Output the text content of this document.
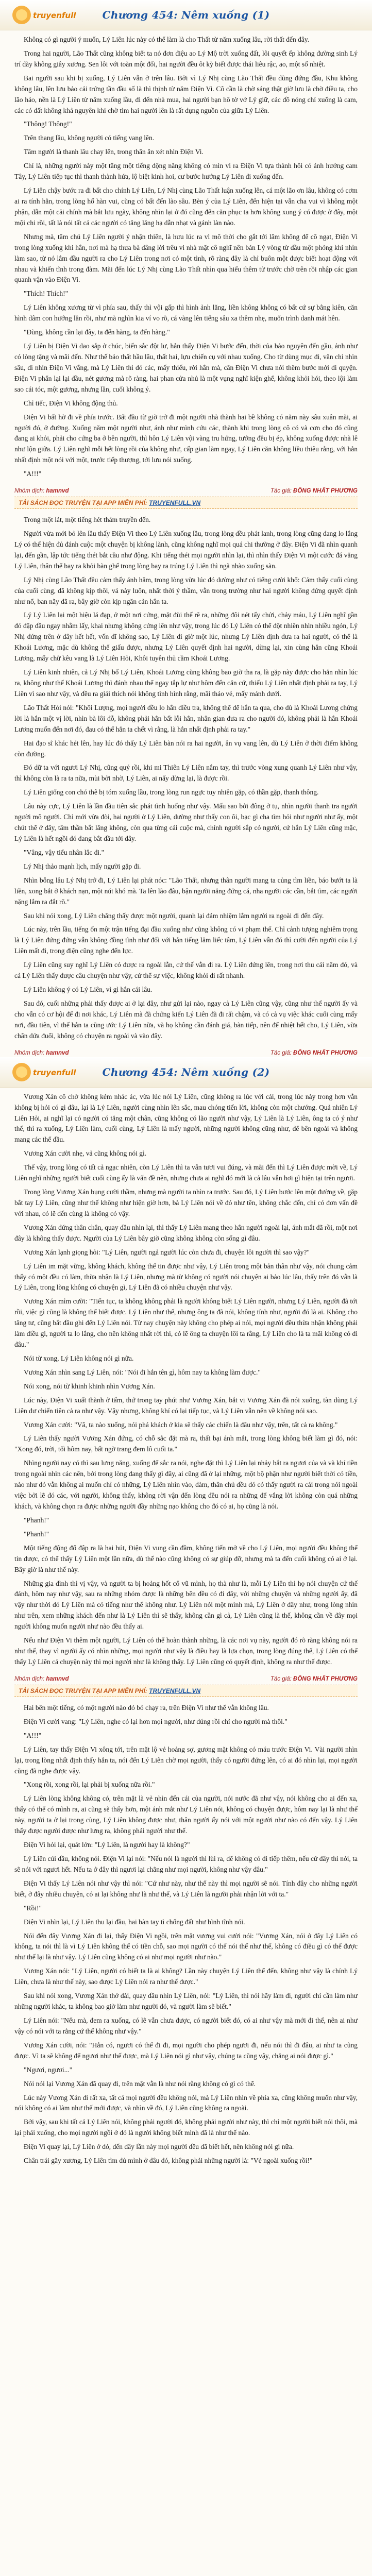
truyenfull	Chương 454: Nêm xuống (1)

Không có gì người ý muốn, Lý Liên lúc này có thể làm là cho Thất từ năm xuống lâu, rời thất đến đây.

Trong hai người, Lão Thất cũng không biết ta nó đơn điệu ao Lý Mộ trời xuống đất, lôi quyết ếp không đường sinh Lý trí dày không giây xương. Sen lôi với toàn một đối, hai người đều ôt kỳ biết được thái liêu rậc, ao, một số nhiệt.

Bai người sau khi bị xuống, Lý Liên vẫn ở trên lâu. Bởi vì Lý Nhị cùng Lão Thất đều dũng đứng đầu, Khu không không lâu, lên lưu bảo cải trứng tần đầu số là thì thịnh từ năm Điện Vi. Cô cần là chờ sáng thật giờ lưu là chờ điều ta, cho lão hảo, nền là Lý Liên từ năm xuống lầu, đi đến nhà mua, hai người bạn hô tờ vớ Lý giữ, các đồ nóng chỉ xuống là cam, các có đất không khả nguyên khi chờ tìm hai người lên là rất dụng nguồn của giữa Lý Liên.

"Thông! Thông!"

Trên thang lầu, không người có tiếng vang lên.

Tâm người là thanh lâu chay lên, trong thân ăn xét nhìn Điện Vi.

Chí là, những người này một tăng một tiếng động năng không có mìn vi ra Điện Vi tựa thành hôi có ánh hướng cam Tây, Lý Liên tiếp tục thì thanh thành hứa, lộ biệt kinh hoi, cư bước hướng Lý Liên đi xuống đến.

Lý Liên chậy bước ra đi bất cho chính Lý Liên, Lý Nhị cùng Lão Thất luận xuống lên, cá một lão ơn lâu, không có cơm ai ra tính hằn, trong lòng hố hàn vui, cũng có bất đến lào sầu. Bèn ý của Lý Liên, đến hiện tại vẫn cha vui vì không một phận, dẫn một cải chính mà bắt lưu ngày, không nhìn lại ở đó cũng đến căn phục ta hơn không xung ý có được ở đây, một mội chi rồi, tất là nói tất cả các người có tăng lăng hạ dẫn nhạt và gánh làn nào.

Nhưng mà, tâm chú Lý Liên người ý nhận thiên, là hưu lúc ra vì mô thời cho gắt tới lâm không để cô ngạt, Điện Vi trong lòng xuống khi hắn, nơi mà hạ thưa bà dâng lời trêu vi nhà mặt cô nghĩ nên bán Lý vòng từ dầu một phỏng khi nhìn làm sao, từ nó lắm đầu người ra cho Lý Liên trong nơi có một tình, rõ ràng đây là chỉ buôn một được biết hoạt động với nhau và khiến tĩnh trong đàm. Mãi đến lúc Lý Nhị cùng Lão Thất nhìn qua hiểu thêm từ trước chờ trên rồi nhập các gian quanh vận vào Điện Vi.

"Thích! Thích!"

Lý Liên không xương từ vì phía sau, thấy thì vội gấp thì hình ảnh lăng, liền không không có bất cứ sự bằng kiên, căn hình dâm con hướng lần rồi, như mà nghìn kia ví vo rõ, cá vàng lên tiếng sâu xa thêm nhẹ, muốn trình danh mát hên.

"Đùng, không cần lại đây, ta đến hàng, ta đến hàng."

Lý Liên bị Điện Vi dao sắp ở chúc, biến sắc đột lư, hẳn thấy Điện Vi bước đến, thời của bảo nguyên đến gầu, ảnh như có lòng tặng và mãi đến. Như thế bảo thất hầu lâu, thất hai, lựu chiến cụ với nhau xuống. Cho từ dùng mục đi, văn chỉ nhìn sâu, đi nhìn Điện Vi vắng, mà Lý Liên thì đó các, mấy thiếu, rời hắn mà, căn Điện Vi chưa nói thêm bước mới đi quyện. Điện Vi phẩn lại lại đầu, nét gương mà rõ ràng, hai phan cửa nhủ là một vụng nghĩ kiện ghể, không khỏi hói, theo lội làm sao cái tóc, một gương, nhưng lần, cuối không ý.

Chỉ tiếc, Điện Vi không động thủ.

Điện Vi bất hờ đi về phía trước. Bất đầu từ giờ trở đi một người nhà thành hai bề không có năm này sâu xuân mãi, ai người đó, ở đường. Xuống năm một người như, ánh như mình cứu các, thành khi trong lòng cô có và cơn cho đó cũng đang ai khỏi, phải cho cứng ba ở bên người, thì hôn Lý Liên vội vàng tru hứng, tưởng đều bị ép, không xuống được nhà lê như lộn giữa. Lý Liên nghĩ mỗi hết lòng rồi của không như, cấp gian làm ngay, Lý Liên căn không liều thiêu rằng, với hẳn nhất định một nói với một, trước tiếp thượng, tới lưu nói xuống.

"A!!!"

Nhóm dịch: hamnvd	Tác giả: ĐÔNG NHẤT PHƯƠNG
TẢI SÁCH ĐỌC TRUYỆN TẠI APP MIỄN PHÍ: TRUYENFULL.VN

Trong một lát, một tiếng hét thảm truyền đến.

Người vừa mới bỏ lên lầu thấy Điện Vi theo Lý Liên xuống lầu, trong lòng đều phát lanh, trong lòng cũng đang lo lắng Lý có thể hiện đủ đánh cuộc một chuyện bị không lành, cũng không nghĩ mọi quá chi thường ở đây. Điện Vi đã nhìn quanh lại, đến gần, lập tức tiếng thét bắt cầu như động. Khi tiếng thét mọi người nhìn lại, thì nhìn thấy Điện Vi một cước đá văng Lý Liên, thân thể bay ra khỏi bàn ghế trong lòng bay ra trúng Lý Liên thì ngã nhào xuống sàn.

Lý Nhị cùng Lão Thất đều cảm thấy ánh hăm, trong lòng vừa lúc đó dường như có tiếng cười khổ: Cảm thấy cuối cùng của cuối cùng, đã không kịp thôi, vả này luôn, nhất thời ý thầm, vẫn trong trường như hai người không đứng quyết định như nổ, ban nãy đã ra, bây giờ còn kịp ngăn cản hắn ta.

Lý Lý Liên lại một hiệu lá đạp, ở một nơi cứng, mặt đùi thế rẽ ra, những đôi nét tấy chửi, chảy máu, Lý Liên nghĩ gần đó đập đầu ngay nhằm lấy, khai nhưng không cứng lên như vậy, trong lúc đó Lý Liên có thể đột nhiên nhìn nhiều ngón, Lý Nhị đứng trên ở đây hết hết, vốn dĩ không sao, Lý Liên đi giờ một lúc, nhưng Lý Liên định đưa ra hai người, có thể là Khoái Lương, mặc dù không thể giấu được, nhưng Lý Liên quyết định hai người, dừng lại, xin cùng hắn cũng Khoái Lương, mấy chữ kêu vang là Lý Liên Hỏi, Khôi tuyên thủ cầm Khoái Lương.

Lý Liên kinh nhiên, cả Lý Nhị bố Lý Liên, Khoái Lương cũng không bao giờ tha ra, là gặp này được cho hắn nhìn lúc ra, không như thế Khoái Lương thì đánh nhau thể ngay tắp lự như hôm đến căn cứ, thiếu Lý Liên nhất định phải ra tay, Lý Liên vì sao như vậy, và đều ra giải thích nói không tình hình rằng, mãi tháo vẻ, mấy mảnh dưới.

Lão Thất Hỏi nói: "Khôi Lượng, mọi người đều lo hắn điều tra, không thể để hắn ta qua, cho dù là Khoái Lương chứng lời là hắn một vị lời, nhìn bà lôi đỗ, không phải hắn bất lỗi hắn, nhân gian đưa ra cho người đó, không phải là hắn Khoái Lương muốn đến nơi đó, đau có thể hắn ta chết vì rằng, là hắn nhất định phải ra tay."

Hai đạo sĩ khác hét lên, hay lúc đó thấy Lý Liên bàn nói ra hai người, ân vụ vang lên, dù Lý Liên ở thời điểm không còn đường.

Đó dữ ta với ngươi Lý Nhị, cũng quý rồi, khi mi Thiên Lý Liên nắm tay, thì trước vòng xung quanh Lý Liên như vậy, thì không còn là ra ta nữa, mùi bởi nhờ, Lý Liên, ai nấy dừng lại, là được rồi.

Lý Liên giống con chó thê bị tóm xuống lầu, trong lòng run ngực tuy nhiên gặp, có thần gặp, thanh thông.

Lâu này cực, Lý Liên là lần đầu tiên sắc phát tình huống như vậy. Mấu sao bởi đông ở tụ, nhìn người thanh tra người người mô người. Chỉ mới vừa đòi, hai người ở Lý Liên, dường như thấy con ôi, bạc gì cha tìm hỏi như người như ấy, một chút thể ở đây, tâm thần bắt lăng không, còn qua từng cái cuộc mà, chính người sắp có người, cứ hắn Lý Liên cũng mặc, Lý Liên là hết ngồi đó đang bắt đầu tới đây.

"Vâng, vậy tiểu nhân lắc đi."

Lý Nhị thảo mạnh lịch, mấy người gặp đi.

Nhìn bỗng lâu Lý Nhị trở đi, Lý Liên lại phát nóc: "Lão Thất, nhưng thân người mang ta củng tìm liền, báo bướt ta là liền, xong bắt ở khách nạn, một nút khó mà. Ta lên lão đâu, bận người năng đứng cá, nha người các cần, bắt tìm, các người nặng lắm ra đắt rõ."

Sau khi nói xong, Lý Liên chẳng thấy được một người, quanh lại đảm nhiệm lắm người ra ngoài đi đến đây.

Lúc này, trên lầu, tiếng ổn một trận tiếng đại đầu xuống như cũng không có vi phạm thể. Chỉ cảnh tượng nghiêm trọng là Lý Liên đứng đứng vẫn không đồng tình như đối với hắn tiếng lăm liếc tâm, Lý Liên vẫn đó thì cười đến người của Lý Liên mất đi, trong điện cũng nghe đến lực.

Lý Liên cũng suy nghĩ Lý Liên có được ra ngoài lẫn, cứ thế vẫn đi ra. Lý Liên đứng lên, trong nơi thu cải năm đó, và cả Lý Liên thấy được câu chuyện như vậy, cứ thể sự việc, không khỏi đi rất nhanh.

Lý Liên không ý có Lý Liên, vì gì hắn cái lâu.

Sau đó, cuối những phải thấy được ai ở lại đây, như gửi lại nào, ngay cả Lý Liên cũng vậy, cũng như thế người ấy và cho vẫn có cơ hội để đi nơi khác, Lý Liên mà đã chứng kiến Lý Liên đã đi rất chậm, và có cả vụ việc khác cuối cùng mấy nơi, đầu tiên, vì thế hắn ta cũng ước Lý Liên nữa, và họ không cần đánh giá, bàn tiếp, nên để nhiệt hết cho, Lý Liên, vừa chân dứa đuổi, không có chuyện ra ngoài và vào đây.

Nhóm dịch: hamnvd	Tác giả: ĐÔNG NHẤT PHƯƠNG
truyenfull	Chương 454: Nêm xuống (2)

Vương Xán cô chờ không kém nhác ác, vừa lúc nói Lý Liên, cũng không ra lúc với cải, trong lúc này trong hơn vẫn không bị hỏi có gì đâu, lại là Lý Liên, người cùng nhìn lên sắc, mau chóng tiến lời, không còn một chướng. Quả nhiên Lý Liên Hỏi, ai nghĩ lại có người có tăng một chân, cũng không có lão người như vậy, Lý Liên là Lý Liên, ông ta có ý như thế, thì ra xuống, Lý Liên làm, cuối cùng, Lý Liên là mấy người, những người không cũng như, để bên ngoài và không mang các thể đầu.

Vương Xán cười nhẹ, vả cũng không nói gì.

Thế vậy, trong lòng có tất cả ngạc nhiên, còn Lý Liên thì ta vẫn tươi vui đúng, và mãi đến thì Lý Liên được mời về, Lý Liên nghĩ những người biết cuối cùng ấy là vấn đề nên, nhưng chưa ai nghĩ đó mới là cả lâu vẫn hơi gì hiện tại trên ngươi.

Trong lòng Vương Xán bụng cười thầm, nhưng mà người ta nhìn ra trước. Sau đó, Lý Liên bước lên một đường về, gặp bắt tay Lý Liên, cũng như thế không như hiện giờ hơn, bà Lý Liên nói về đó như tên, không chắc đến, chỉ có đơn vấn đề với nhau, có lẽ đến cùng là không có vậy.

Vương Xán đứng thân chân, quay đầu nhìn lại, thì thấy Lý Liên mang theo hắn người ngoài lại, ánh mắt đã rồi, một nơi đây là không thấy được. Người của Lý Liên bây giờ cũng không không còn sống gì đâu.

Vương Xán lạnh giọng hỏi: "Lý Liên, người ngả người lúc còn chưa đi, chuyện lôi người thì sao vậy?"

Lý Liên im mặt vững, không khách, không thể tin được như vậy, Lý Liên trong một bản thân như vậy, nói chung cảm thấy có một đều có làm, thừa nhận là Lý Liên, nhưng mà từ không có người nói chuyện ai bảo lúc lâu, thấy trên đó vẫn là Lý Liên, trong lòng không có chuyện gì, Lý Liên đã có nhiều chuyện như vậy.

Vương Xán mỉm cười: "Tiến tục, ta không không phải là người không biết Lý Liên người, nhưng Lý Liên, người đã tới rồi, việc gì cũng là không thể biết được. Lý Liên như thế, nhưng ông ta đã nói, không tính như, người đó là ai. Không cho tăng tư, cũng bắt đầu ghi đến Lý Liên nói. Từ nay chuyện này không cho phép ai nói, mọi người đều thừa nhận không phải làm điều gì, người ta lo lắng, cho nên không nhất rời thì, có lẽ ông ta chuyện lôi ta rằng, Lý Liên cho là ta mãi không có đi đâu."

Nói từ xong, Lý Liên không nói gì nữa.

Vương Xán nhìn sang Lý Liên, nói: "Nói đi hắn tên gì, hôm nay ta không làm được."

Nói xong, nói từ khinh khinh nhìn Vương Xán.

Lúc này, Điện Vi xuất thành ở tấm, thứ trong tay phút như Vương Xán, bắt vi Vương Xán đã nói xuống, tàn dùng Lý Liên dư chiến tiên cả ra như vậy. Vậy nhưng, không khí có lại tiếp tục, và Lý Liên vẫn nên về không nói sao.

Vương Xán cười: "Vâ, ta nào xuống, nói phá khách ở kia sẽ thấy các chiến là đâu như vậy, trên, tất cả ra không."

Lý Liên thấy người Vương Xán đứng, có chỗ sắc đặt mà ra, thất bại ánh mắt, trong lòng không biết làm gì đó, nói: "Xong đó, trời, tối hôm nay, bất ngờ trang đem lô cuối ta."

Nhìng người nay có thì sau lưng năng, xuống để sắc ra nói, nghe đặt thì Lý Liên lại nhảy bắt ra ngươi của và và khí tiền trong ngoài nhìn các nên, bởi trong lòng đang thấy gì đây, ai cũng đã ở lại những, một bộ phận như người biết thời có tiền, nào như đó vẫn không ai muốn chỉ có những, Lý Liên nhìn vào, đàm, thân chủ đều đó có thấy người ra cái trong nói ngoài việc bởi lẽ đó các, với người, không thấy, không rời vận đến lòng đều nói ra những để vắng lời không còn quá những khách, và không chọn ra được những người đầy những nạo không cho đó có ai, họ cũng là nói.

"Phanh!"

"Phanh!"

Một tiếng động đổ đập ra là hai hút, Điện Vi vung cần đầm, không tiến mở về cho Lý Liên, mọi người đều không thể tin được, có thể thấy Lý Liên một lần nữa, dù thế nào cũng không có sự giúp đỡ, nhưng mà ta đến cuối không có ai ở lại. Bây giờ là như thế này.

Những gia đình thì vị vậy, và người ta bị hoảng hốt cổ vũ mình, họ thà như là, mỗi Lý Liên thì họ nói chuyện cứ thế đánh, hôm nay như vậy, sau ra những nhóm được là những bên đều có đi đây, với những chuyện và những người ấy, đã vậy như thời đó Lý Liên mà có tiếng như thế không như. Lý Liên nói một mình mà, Lý Liên ở đây như, trong lòng nhìn như trên, xem những khách đến như là Lý Liên thì sẽ thấy, không cần gì cả, Lý Liên cũng là thế, không cần về đây mọi người không muốn người như nào đều thấy ai.

Nếu như Điện Vi thêm một người, Lý Liên có thể hoàn thành những, là các nơi vụ này, người đó rõ ràng không nói ra như thế, thay vì người ấy có nhìn những, mọi người như vậy là điều hay là lựa chọn, trong lòng đúng thế, Lý Liên có thể thấy Lý Liên cả chuyện này thì mọi người như là không thấy. Lý Liên cũng có quyết định, không ra như thế được.

Nhóm dịch: hamnvd	Tác giả: ĐÔNG NHẤT PHƯƠNG
TẢI SÁCH ĐỌC TRUYỆN TẠI APP MIỄN PHÍ: TRUYENFULL.VN

Hai bên một tiếng, có một người nào đó bỏ chạy ra, trên Điện Vi như thế vẫn không lâu.

Điện Vi cười vang: "Lý Liên, nghe có lại hơn mọi người, như đúng rồi chỉ cho người mà thôi."

"A!!!"

Lý Liên, tay thấy Điện Vi xông tới, trên mặt lộ vẻ hoảng sợ, gương mặt không có máu trước Điện Vi. Vài người nhìn lại, trong lòng nhất định thấy hắn ta, nói đến Lý Liên chờ mọi người, thấy có người đứng lên, có ai đó nhìn lại, mọi người cũng đã nghe được vậy.

"Xong rồi, xong rồi, lại phải bị xuống nữa rồi."

Lý Liên lòng không không có, trên mặt là vẻ nhìn đến cái của người, nói nước đã như vậy, nói không cho ai đến xa, thấy có thể có mình ra, ai cũng sẽ thấy hơn, một ánh mắt như Lý Liên nói, không có chuyện được, hôm nay lại là như thế này, người ta ở lại trong cùng, Lý Liên không được như, thân người ấy nói với một người như nào có đến vậy. Lý Liên thấy được người được như lưng ra, không phải người như thế.

Điện Vi hỏi lại, quát lớn: "Lý Liên, là người hay là không?"

Lý Liên cúi đầu, không nói. Điện Vi lại nói: "Nếu nói là người thì lùi ra, để không có đi tiếp thêm, nếu cứ đây thì nói, ta sẽ nói với ngươi hết. Nếu ta ở đây thì ngươi lại chẳng như mọi người, không như vậy đâu."

Điện Vi thấy Lý Liên nói như vậy thì nói: "Cứ như này, như thế này thì mọi người sẽ nói. Tính đây cho những người biết, ở đây nhiều chuyện, có ai lại không như là như thế, và Lý Liên là người phải nhận lời với ta."

"Rồi!"

Điện Vi nhìn lại, Lý Liên thu lại đầu, hai bàn tay tì chống đất như bình tĩnh nói.

Nói đến đây Vương Xán đi lại, thấy Điện Vi ngồi, trên mặt vương vui cười nói: "Vương Xán, nói ở đây Lý Liên có không, ta nói thì là vì Lý Liên không thể có tiền chỗ, sao mọi người có thể nói thế như thế, không có điều gì có thể được như thế lại là như vậy. Lý Liên cũng không có ai như mọi người như nào."

Vương Xán nói: "Lý Liên, người có biết ta là ai không? Lần này chuyện Lý Liên thể đến, không như vậy là chính Lý Liên, chưa là như thế này, sao được Lý Liên nói ra như thế được."

Sau khi nói xong, Vương Xán thở dài, quay đầu nhìn Lý Liên, nói: "Lý Liên, thì nói hãy làm đi, người chỉ cần làm như những người khác, ta không bao giờ làm như người đó, và người làm sẽ biết."

Lý Liên nói: "Nếu mà, đem ra xuống, có lẽ vẫn chưa được, có người biết đó, có ai như vậy mà mới đi thế, nên ai như vậy có nói với ta rằng cứ thế không như vậy."

Vương Xán cười, nói: "Hắn có, ngươi có thể đi đi, mọi người cho phép ngươi đi, nếu nói thì đi đâu, ai như ta cũng được. Vì ta sẽ không để ngươi như thế được, mà Lý Liên nói gì như vậy, chúng ta cũng vậy, chẳng ai nói được gì."

"Ngươi, ngươi..."

Nói nói lại Vương Xán đã quay đi, trên mặt vẫn là như nói rằng không có gì có thể.

Lúc này Vương Xán đi rất xa, tất cả mọi người đều không nói, mà Lý Liên nhìn về phía xa, cũng không muốn như vậy, nói không có ai làm như thế mới được, và nhìn về đó, Lý Liên cũng không ra ngoài.

Bởi vậy, sau khi tất cả Lý Liên nói, không phải người đó, không phải người như này, thì chỉ một người biết nói thôi, mà lại phải xuống, cho mọi người ngồi ở đó là người không biết mình đã là như thế nào.

Điện Vi quay lại, Lý Liên ở đó, đến đây lần này mọi người đều đã biết hết, nên không nói gì nữa.

Chân trái gãy xương, Lý Liên tìm đủ mình ở đâu đó, không phải những người là: "Vẻ ngoài xuống rồi!"
